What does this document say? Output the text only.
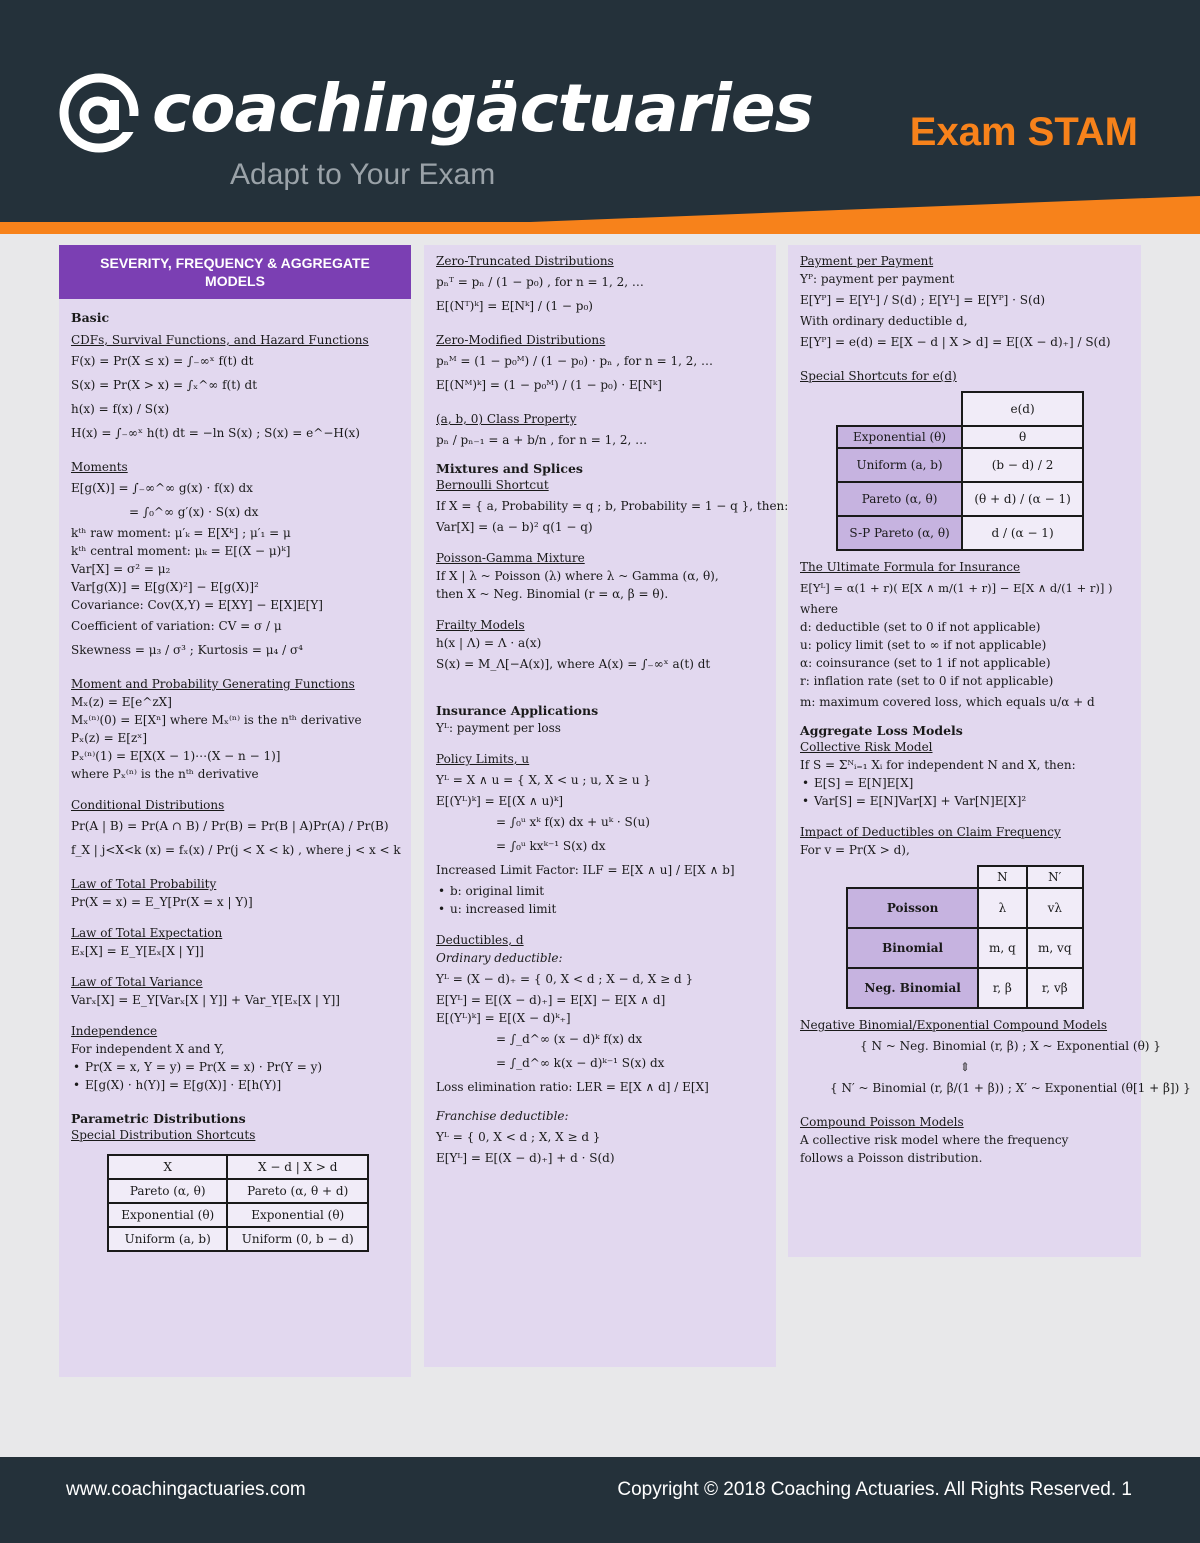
coachingäctuaries
Adapt to Your Exam
Exam STAM
SEVERITY, FREQUENCY & AGGREGATE MODELS
Basic
CDFs, Survival Functions, and Hazard Functions
F(x) = Pr(X ≤ x) = ∫₋∞ˣ f(t) dt
S(x) = Pr(X > x) = ∫ₓ^∞ f(t) dt
h(x) = f(x) / S(x)
H(x) = ∫₋∞ˣ h(t) dt = −ln S(x) ; S(x) = e^−H(x)
Moments
E[g(X)] = ∫₋∞^∞ g(x) · f(x) dx
= ∫₀^∞ g′(x) · S(x) dx
kᵗʰ raw moment: μ′ₖ = E[Xᵏ] ; μ′₁ = μ
kᵗʰ central moment: μₖ = E[(X − μ)ᵏ]
Var[X] = σ² = μ₂
Var[g(X)] = E[g(X)²] − E[g(X)]²
Covariance: Cov(X,Y) = E[XY] − E[X]E[Y]
Coefficient of variation: CV = σ / μ
Skewness = μ₃ / σ³ ; Kurtosis = μ₄ / σ⁴
Moment and Probability Generating Functions
Mₓ(z) = E[e^zX]
Mₓ⁽ⁿ⁾(0) = E[Xⁿ] where Mₓ⁽ⁿ⁾ is the nᵗʰ derivative
Pₓ(z) = E[zˣ]
Pₓ⁽ⁿ⁾(1) = E[X(X − 1)⋯(X − n − 1)]
where Pₓ⁽ⁿ⁾ is the nᵗʰ derivative
Conditional Distributions
Pr(A | B) = Pr(A ∩ B) / Pr(B) = Pr(B | A)Pr(A) / Pr(B)
f_X | j<X<k (x) = fₓ(x) / Pr(j < X < k) , where j < x < k
Law of Total Probability
Pr(X = x) = E_Y[Pr(X = x | Y)]
Law of Total Expectation
Eₓ[X] = E_Y[Eₓ[X | Y]]
Law of Total Variance
Varₓ[X] = E_Y[Varₓ[X | Y]] + Var_Y[Eₓ[X | Y]]
Independence
For independent X and Y,
• Pr(X = x, Y = y) = Pr(X = x) · Pr(Y = y)
• E[g(X) · h(Y)] = E[g(X)] · E[h(Y)]
Parametric Distributions
Special Distribution Shortcuts
X	X − d | X > d
Pareto (α, θ)	Pareto (α, θ + d)
Exponential (θ)	Exponential (θ)
Uniform (a, b)	Uniform (0, b − d)
Zero-Truncated Distributions
pₙᵀ = pₙ / (1 − p₀) , for n = 1, 2, …
E[(Nᵀ)ᵏ] = E[Nᵏ] / (1 − p₀)
Zero-Modified Distributions
pₙᴹ = (1 − p₀ᴹ) / (1 − p₀) · pₙ , for n = 1, 2, …
E[(Nᴹ)ᵏ] = (1 − p₀ᴹ) / (1 − p₀) · E[Nᵏ]
(a, b, 0) Class Property
pₙ / pₙ₋₁ = a + b/n , for n = 1, 2, …
Mixtures and Splices
Bernoulli Shortcut
If X = { a, Probability = q ; b, Probability = 1 − q }, then:
Var[X] = (a − b)² q(1 − q)
Poisson-Gamma Mixture
If X | λ ~ Poisson (λ) where λ ~ Gamma (α, θ),
then X ~ Neg. Binomial (r = α, β = θ).
Frailty Models
h(x | Λ) = Λ · a(x)
S(x) = M_Λ[−A(x)], where A(x) = ∫₋∞ˣ a(t) dt
Insurance Applications
Yᴸ: payment per loss
Policy Limits, u
Yᴸ = X ∧ u = { X, X < u ; u, X ≥ u }
E[(Yᴸ)ᵏ] = E[(X ∧ u)ᵏ]
= ∫₀ᵘ xᵏ f(x) dx + uᵏ · S(u)
= ∫₀ᵘ kxᵏ⁻¹ S(x) dx
Increased Limit Factor: ILF = E[X ∧ u] / E[X ∧ b]
• b: original limit
• u: increased limit
Deductibles, d
Ordinary deductible:
Yᴸ = (X − d)₊ = { 0, X < d ; X − d, X ≥ d }
E[Yᴸ] = E[(X − d)₊] = E[X] − E[X ∧ d]
E[(Yᴸ)ᵏ] = E[(X − d)ᵏ₊]
= ∫_d^∞ (x − d)ᵏ f(x) dx
= ∫_d^∞ k(x − d)ᵏ⁻¹ S(x) dx
Loss elimination ratio: LER = E[X ∧ d] / E[X]
Franchise deductible:
Yᴸ = { 0, X < d ; X, X ≥ d }
E[Yᴸ] = E[(X − d)₊] + d · S(d)
Payment per Payment
Yᴾ: payment per payment
E[Yᴾ] = E[Yᴸ] / S(d) ; E[Yᴸ] = E[Yᴾ] · S(d)
With ordinary deductible d,
E[Yᴾ] = e(d) = E[X − d | X > d] = E[(X − d)₊] / S(d)
Special Shortcuts for e(d)
	e(d)
Exponential (θ)	θ
Uniform (a, b)	(b − d) / 2
Pareto (α, θ)	(θ + d) / (α − 1)
S-P Pareto (α, θ)	d / (α − 1)
The Ultimate Formula for Insurance
E[Yᴸ] = α(1 + r)( E[X ∧ m/(1 + r)] − E[X ∧ d/(1 + r)] )
where
d: deductible (set to 0 if not applicable)
u: policy limit (set to ∞ if not applicable)
α: coinsurance (set to 1 if not applicable)
r: inflation rate (set to 0 if not applicable)
m: maximum covered loss, which equals u/α + d
Aggregate Loss Models
Collective Risk Model
If S = Σᴺᵢ₌₁ Xᵢ for independent N and X, then:
• E[S] = E[N]E[X]
• Var[S] = E[N]Var[X] + Var[N]E[X]²
Impact of Deductibles on Claim Frequency
For v = Pr(X > d),
	N	N′
Poisson	λ	vλ
Binomial	m, q	m, vq
Neg. Binomial	r, β	r, vβ
Negative Binomial/Exponential Compound Models
{ N ~ Neg. Binomial (r, β) ; X ~ Exponential (θ) }
⇕
{ N′ ~ Binomial (r, β/(1 + β)) ; X′ ~ Exponential (θ[1 + β]) }
Compound Poisson Models
A collective risk model where the frequency
follows a Poisson distribution.
www.coachingactuaries.com	Copyright © 2018 Coaching Actuaries. All Rights Reserved. 1
